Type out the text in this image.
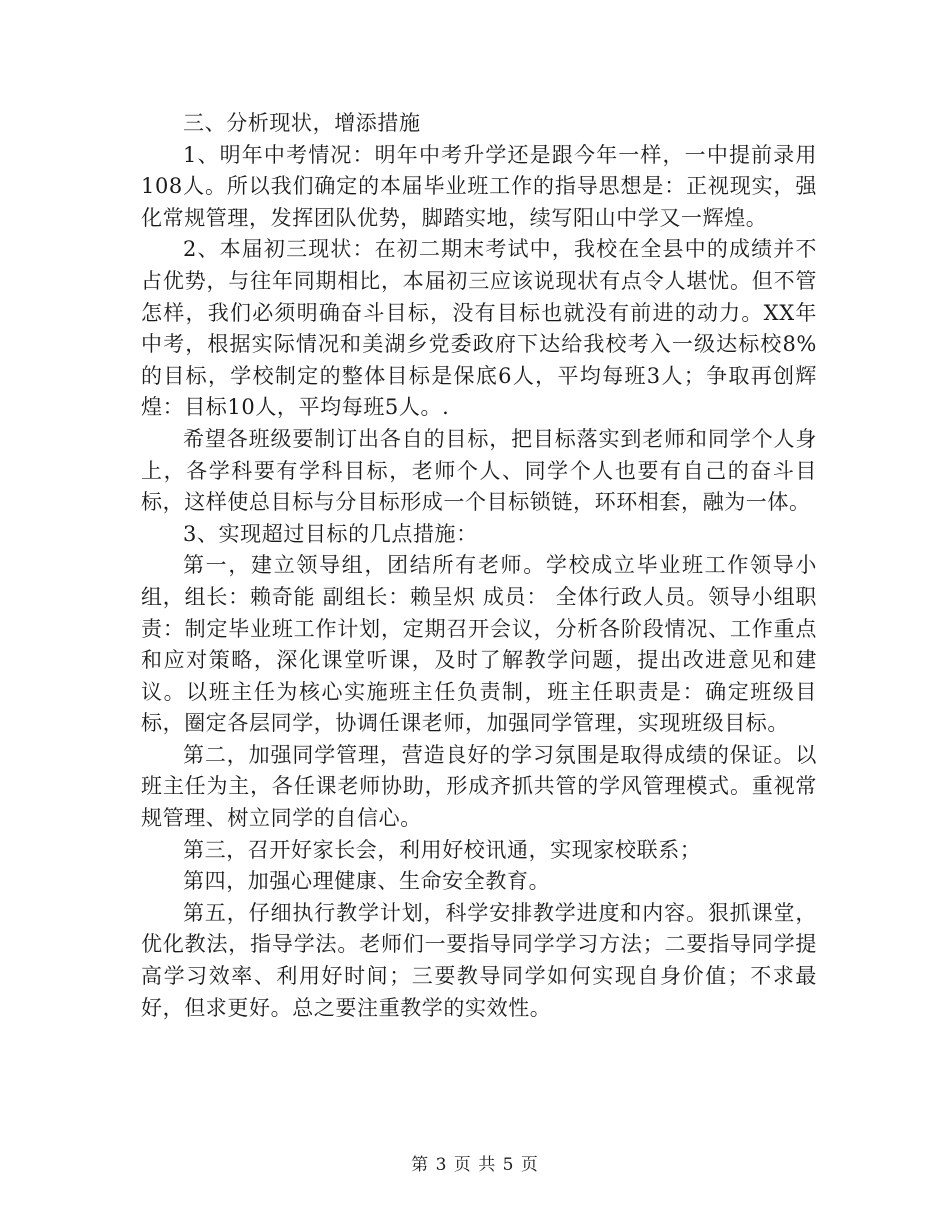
三、分析现状，增添措施

1、明年中考情况：明年中考升学还是跟今年一样，一中提前录用108人。所以我们确定的本届毕业班工作的指导思想是：正视现实，强化常规管理，发挥团队优势，脚踏实地，续写阳山中学又一辉煌。

2、本届初三现状：在初二期末考试中，我校在全县中的成绩并不占优势，与往年同期相比，本届初三应该说现状有点令人堪忧。但不管怎样，我们必须明确奋斗目标，没有目标也就没有前进的动力。XX年中考，根据实际情况和美湖乡党委政府下达给我校考入一级达标校8%的目标，学校制定的整体目标是保底6人，平均每班3人；争取再创辉煌：目标10人，平均每班5人。.

希望各班级要制订出各自的目标，把目标落实到老师和同学个人身上，各学科要有学科目标，老师个人、同学个人也要有自己的奋斗目标，这样使总目标与分目标形成一个目标锁链，环环相套，融为一体。

3、实现超过目标的几点措施：

第一，建立领导组，团结所有老师。学校成立毕业班工作领导小组，组长：赖奇能 副组长：赖呈炽 成员： 全体行政人员。领导小组职责：制定毕业班工作计划，定期召开会议，分析各阶段情况、工作重点和应对策略，深化课堂听课，及时了解教学问题，提出改进意见和建议。以班主任为核心实施班主任负责制，班主任职责是：确定班级目标，圈定各层同学，协调任课老师，加强同学管理，实现班级目标。

第二，加强同学管理，营造良好的学习氛围是取得成绩的保证。以班主任为主，各任课老师协助，形成齐抓共管的学风管理模式。重视常规管理、树立同学的自信心。

第三，召开好家长会，利用好校讯通，实现家校联系；

第四，加强心理健康、生命安全教育。

第五，仔细执行教学计划，科学安排教学进度和内容。狠抓课堂，优化教法，指导学法。老师们一要指导同学学习方法；二要指导同学提高学习效率、利用好时间；三要教导同学如何实现自身价值；不求最好，但求更好。总之要注重教学的实效性。

第 3 页 共 5 页
